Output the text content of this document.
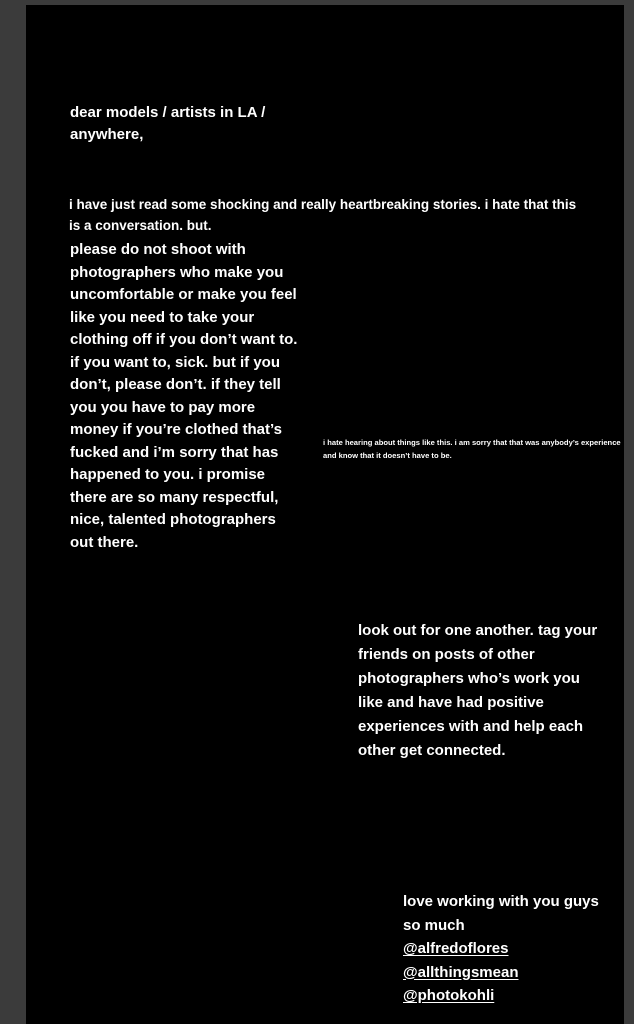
dear models / artists in LA / anywhere,
i have just read some shocking and really heartbreaking stories. i hate that this is a conversation. but.
please do not shoot with photographers who make you uncomfortable or make you feel like you need to take your clothing off if you don’t want to. if you want to, sick. but if you don’t, please don’t. if they tell you you have to pay more money if you’re clothed that’s fucked and i’m sorry that has happened to you. i promise there are so many respectful, nice, talented photographers out there.
i hate hearing about things like this. i am sorry that that was anybody’s experience and know that it doesn’t have to be.
look out for one another. tag your friends on posts of other photographers who’s work you like and have had positive experiences with and help each other get connected.
love working with you guys so much
@alfredoflores
@allthingsmean
@photokohli
